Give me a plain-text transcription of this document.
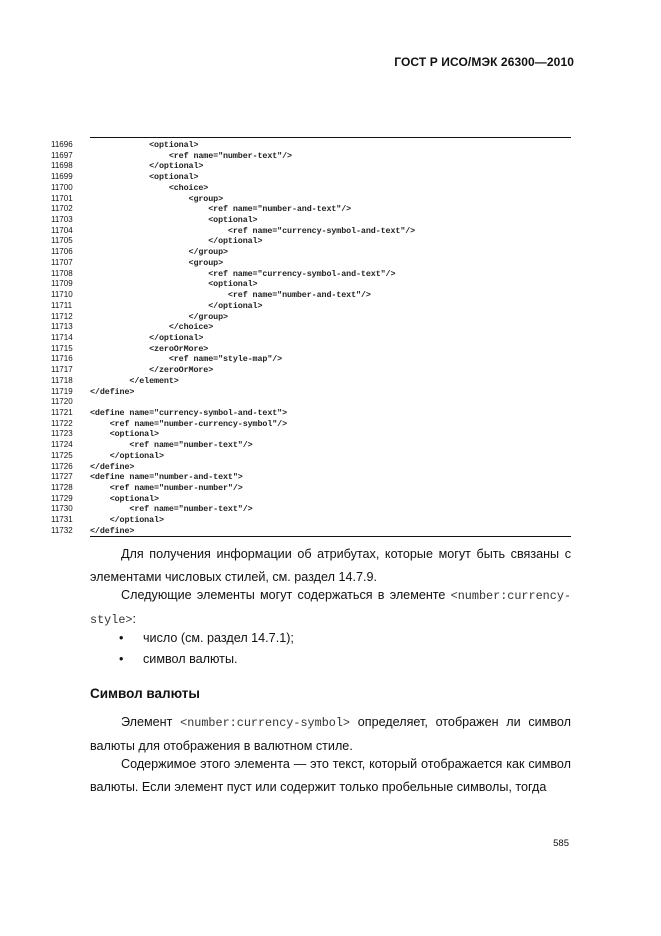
ГОСТ Р ИСО/МЭК 26300—2010
11696	<optional>
11697	<ref name="number-text"/>
11698	</optional>
11699	<optional>
11700	<choice>
11701	<group>
11702	<ref name="number-and-text"/>
11703	<optional>
11704	<ref name="currency-symbol-and-text"/>
11705	</optional>
11706	</group>
11707	<group>
11708	<ref name="currency-symbol-and-text"/>
11709	<optional>
11710	<ref name="number-and-text"/>
11711	</optional>
11712	</group>
11713	</choice>
11714	</optional>
11715	<zeroOrMore>
11716	<ref name="style-map"/>
11717	</zeroOrMore>
11718	</element>
11719	</define>
11720
11721	<define name="currency-symbol-and-text">
11722	<ref name="number-currency-symbol"/>
11723	<optional>
11724	<ref name="number-text"/>
11725	</optional>
11726	</define>
11727	<define name="number-and-text">
11728	<ref name="number-number"/>
11729	<optional>
11730	<ref name="number-text"/>
11731	</optional>
11732	</define>
Для получения информации об атрибутах, которые могут быть связаны с элементами числовых стилей, см. раздел 14.7.9.
Следующие элементы могут содержаться в элементе <number:currency-style>:
• число (см. раздел 14.7.1);
• символ валюты.
Символ валюты
Элемент <number:currency-symbol> определяет, отображен ли символ валюты для отображения в валютном стиле.
Содержимое этого элемента — это текст, который отображается как символ валюты. Если элемент пуст или содержит только пробельные символы, тогда
585
